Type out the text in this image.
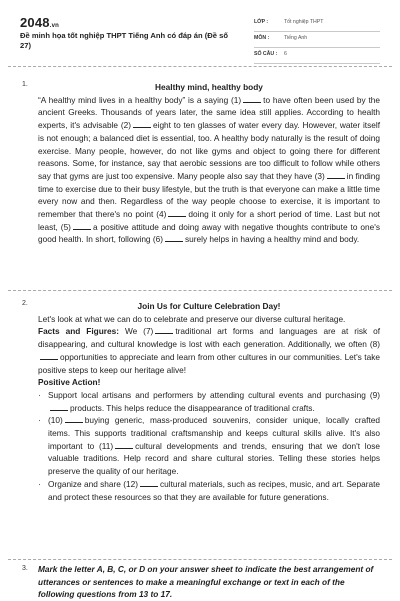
2048.vn
Đề minh họa tốt nghiệp THPT Tiếng Anh có đáp án (Đề số 27)
LỚP :	Tốt nghiệp THPT
MÔN :	Tiếng Anh
SỐ CÂU : 6
1.	Healthy mind, healthy body
“A healthy mind lives in a healthy body” is a saying (1)	to have often been used by the ancient Greeks. Thousands of years later, the same idea still applies. According to health experts, it's advisable (2)	eight to ten glasses of water every day. However, water itself is not enough; a balanced diet is essential, too. A healthy body naturally is the result of doing exercise. Many people, however, do not like gyms and object to going there for different reasons. Some, for instance, say that aerobic sessions are too difficult to follow while others say that gyms are just too expensive. Many people also say that they have (3)	in finding time to exercise due to their busy lifestyle, but the truth is that everyone can make a little time every now and then. Regardless of the way people choose to exercise, it is important to remember that there's no point (4)	doing it only for a short period of time. Last but not least, (5)	a positive attitude and doing away with negative thoughts contribute to one's good health. In short, following (6)	surely helps in having a healthy mind and body.
2.	Join Us for Culture Celebration Day!

Let's look at what we can do to celebrate and preserve our diverse cultural heritage.

Facts and Figures: We (7)	traditional art forms and languages are at risk of disappearing, and cultural knowledge is lost with each generation. Additionally, we often (8)opportunities to appreciate and learn from other cultures in our communities. Let's take positive steps to keep our heritage alive!

Positive Action!

· Support local artisans and performers by attending cultural events and purchasing (9)products. This helps reduce the disappearance of traditional crafts.

· (10)	buying generic, mass-produced souvenirs, consider unique, locally crafted items. This supports traditional craftsmanship and keeps cultural skills alive. It's also important to (11)	cultural developments and trends, ensuring that we don't lose valuable traditions. Help record and share cultural stories. Telling these stories helps preserve the quality of our heritage.

· Organize and share (12)	cultural materials, such as recipes, music, and art. Separate and protect these resources so that they are available for future generations.

3. Mark the letter A, B, C, or D on your answer sheet to indicate the best arrangement of utterances or sentences to make a meaningful exchange or text in each of the following questions from 13 to 17.
